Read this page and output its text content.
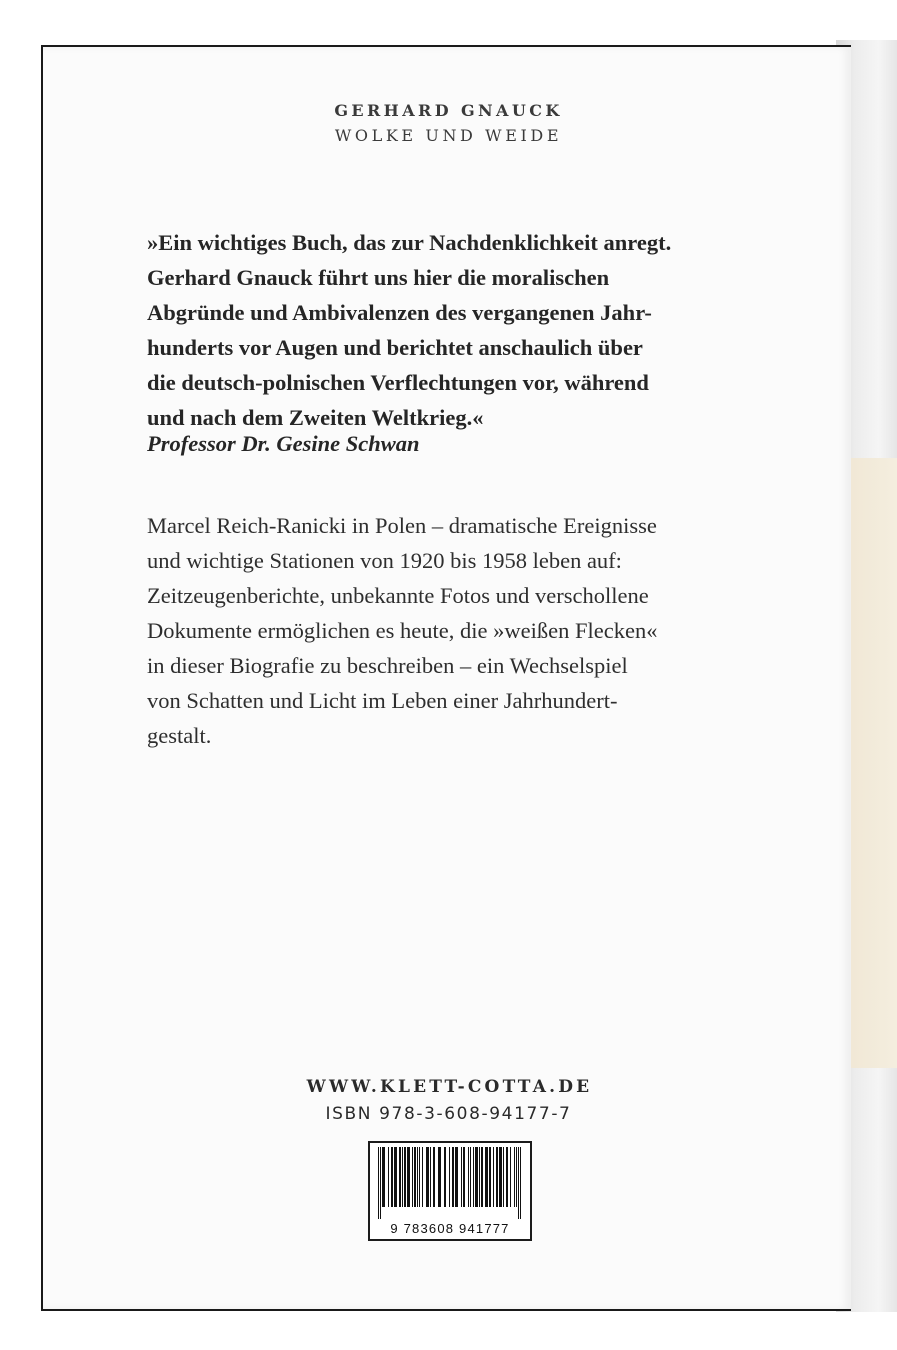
GERHARD GNAUCK
WOLKE UND WEIDE

»Ein wichtiges Buch, das zur Nachdenklichkeit anregt.
Gerhard Gnauck führt uns hier die moralischen
Abgründe und Ambivalenzen des vergangenen Jahr-
hunderts vor Augen und berichtet anschaulich über
die deutsch-polnischen Verflechtungen vor, während
und nach dem Zweiten Weltkrieg.«

Professor Dr. Gesine Schwan
Marcel Reich-Ranicki in Polen – dramatische Ereignisse
und wichtige Stationen von 1920 bis 1958 leben auf:
Zeitzeugenberichte, unbekannte Fotos und verschollene
Dokumente ermöglichen es heute, die »weißen Flecken«
in dieser Biografie zu beschreiben – ein Wechselspiel
von Schatten und Licht im Leben einer Jahrhundert-
gestalt.
WWW.KLETT-COTTA.DE
ISBN 978-3-608-94177-7
9 783608 941777
